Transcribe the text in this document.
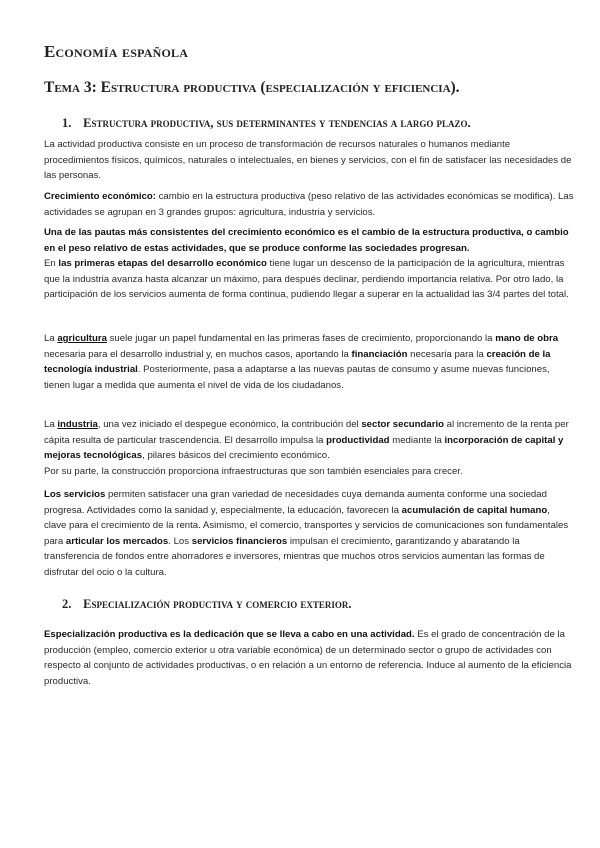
Economía española
Tema 3: Estructura productiva (especialización y eficiencia).
1. Estructura productiva, sus determinantes y tendencias a largo plazo.

La actividad productiva consiste en un proceso de transformación de recursos naturales o humanos mediante procedimientos físicos, químicos, naturales o intelectuales, en bienes y servicios, con el fin de satisfacer las necesidades de las personas.

Crecimiento económico: cambio en la estructura productiva (peso relativo de las actividades económicas se modifica). Las actividades se agrupan en 3 grandes grupos: agricultura, industria y servicios.

Una de las pautas más consistentes del crecimiento económico es el cambio de la estructura productiva, o cambio en el peso relativo de estas actividades, que se produce conforme las sociedades progresan.

En las primeras etapas del desarrollo económico tiene lugar un descenso de la participación de la agricultura, mientras que la industria avanza hasta alcanzar un máximo, para después declinar, perdiendo importancia relativa. Por otro lado, la participación de los servicios aumenta de forma continua, pudiendo llegar a superar en la actualidad las 3/4 partes del total.

La agricultura suele jugar un papel fundamental en las primeras fases de crecimiento, proporcionando la mano de obra necesaria para el desarrollo industrial y, en muchos casos, aportando la financiación necesaria para la creación de la tecnología industrial. Posteriormente, pasa a adaptarse a las nuevas pautas de consumo y asume nuevas funciones, tienen lugar a medida que aumenta el nivel de vida de los ciudadanos.

La industria, una vez iniciado el despegue económico, la contribución del sector secundario al incremento de la renta per cápita resulta de particular trascendencia. El desarrollo impulsa la productividad mediante la incorporación de capital y mejoras tecnológicas, pilares básicos del crecimiento económico.

Por su parte, la construcción proporciona infraestructuras que son también esenciales para crecer.

Los servicios permiten satisfacer una gran variedad de necesidades cuya demanda aumenta conforme una sociedad progresa. Actividades como la sanidad y, especialmente, la educación, favorecen la acumulación de capital humano, clave para el crecimiento de la renta. Asimismo, el comercio, transportes y servicios de comunicaciones son fundamentales para articular los mercados. Los servicios financieros impulsan el crecimiento, garantizando y abaratando la transferencia de fondos entre ahorradores e inversores, mientras que muchos otros servicios aumentan las formas de disfrutar del ocio o la cultura.

2. Especialización productiva y comercio exterior.

Especialización productiva es la dedicación que se lleva a cabo en una actividad. Es el grado de concentración de la producción (empleo, comercio exterior u otra variable económica) de un determinado sector o grupo de actividades con respecto al conjunto de actividades productivas, o en relación a un entorno de referencia. Induce al aumento de la eficiencia productiva.
